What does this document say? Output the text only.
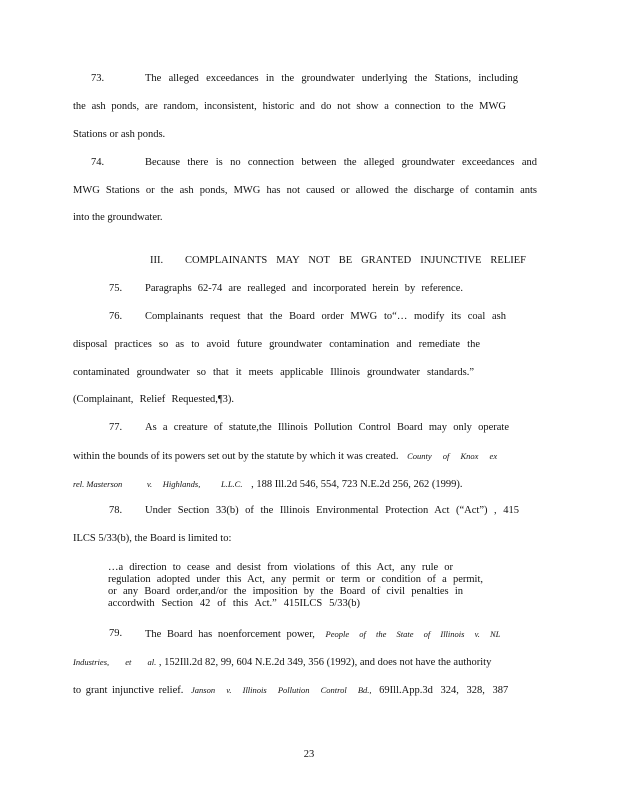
73.	The alleged exceedances in the groundwater underlying the Stations, including
the ash ponds, are random, inconsistent, historic and do not show a connection to the MWG
Stations or ash ponds.
74.	Because there is no connection between the alleged groundwater exceedances and
MWG Stations or the ash ponds, MWG has not caused or allowed the discharge of contamin ants
into the groundwater.
III. COMPLAINANTS MAY NOT BE GRANTED INJUNCTIVE RELIEF
75. Paragraphs 62-74 are realleged and incorporated herein by reference.
76. Complainants request that the Board order MWG to“… modify its coal ash
disposal practices so as to avoid future groundwater contamination and remediate the
contaminated groundwater so that it meets applicable Illinois groundwater standards.”
(Complainant, Relief Requested,¶3).
77. As a creature of statute,the Illinois Pollution Control Board may only operate
within the bounds of its powers set out by the statute by which it was created. County of Knox ex
rel. Masterson	v. Highlands, L.L.C. , 188 Ill.2d 546, 554, 723 N.E.2d 256, 262 (1999).
78. Under Section 33(b) of the Illinois Environmental Protection Act (“Act”) , 415
ILCS 5/33(b), the Board is limited to:
…a direction to cease and desist from violations of this Act, any rule or
regulation adopted under this Act, any permit or term or condition of a permit,
or any Board order,and/or the imposition by the Board of civil penalties in
accordwith Section 42 of this Act.” 415ILCS 5/33(b)
79. The Board has noenforcement power, People of the State of Illinois v. NL
Industries, et al. , 152Ill.2d 82, 99, 604 N.E.2d 349, 356 (1992), and does not have the authority
to grant injunctive relief. Janson v. Illinois Pollution Control Bd., 69Ill.App.3d 324, 328, 387
23
